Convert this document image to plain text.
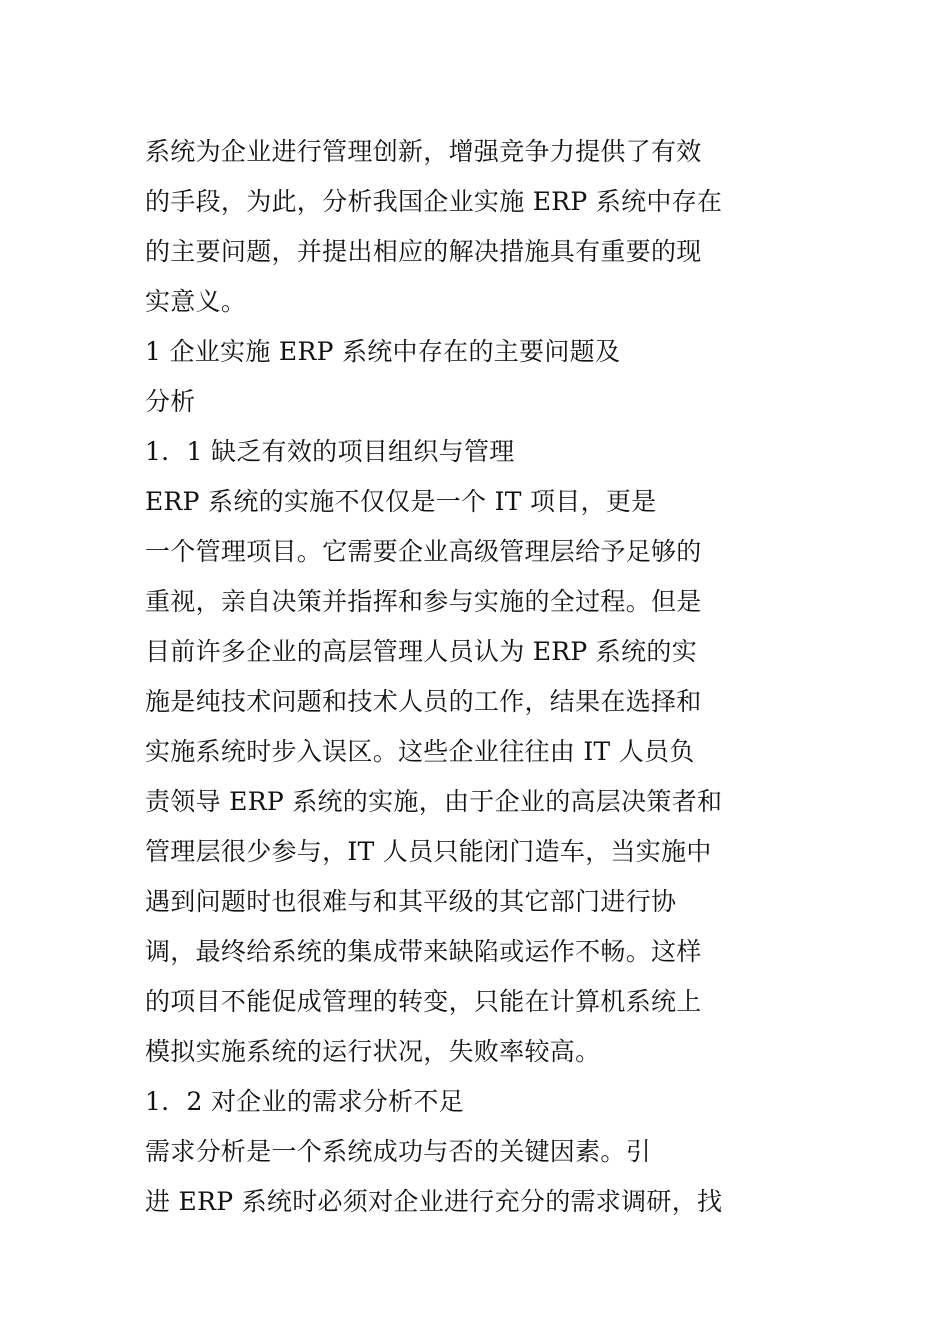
系统为企业进行管理创新，增强竞争力提供了有效
的手段，为此，分析我国企业实施 ERP 系统中存在
的主要问题，并提出相应的解决措施具有重要的现
实意义。
1 企业实施 ERP 系统中存在的主要问题及
分析
1．1 缺乏有效的项目组织与管理
ERP 系统的实施不仅仅是一个 IT 项目，更是
一个管理项目。它需要企业高级管理层给予足够的
重视，亲自决策并指挥和参与实施的全过程。但是
目前许多企业的高层管理人员认为 ERP 系统的实
施是纯技术问题和技术人员的工作，结果在选择和
实施系统时步入误区。这些企业往往由 IT 人员负
责领导 ERP 系统的实施，由于企业的高层决策者和
管理层很少参与，IT 人员只能闭门造车，当实施中
遇到问题时也很难与和其平级的其它部门进行协
调，最终给系统的集成带来缺陷或运作不畅。这样
的项目不能促成管理的转变，只能在计算机系统上
模拟实施系统的运行状况，失败率较高。
1．2 对企业的需求分析不足
需求分析是一个系统成功与否的关键因素。引
进 ERP 系统时必须对企业进行充分的需求调研，找
